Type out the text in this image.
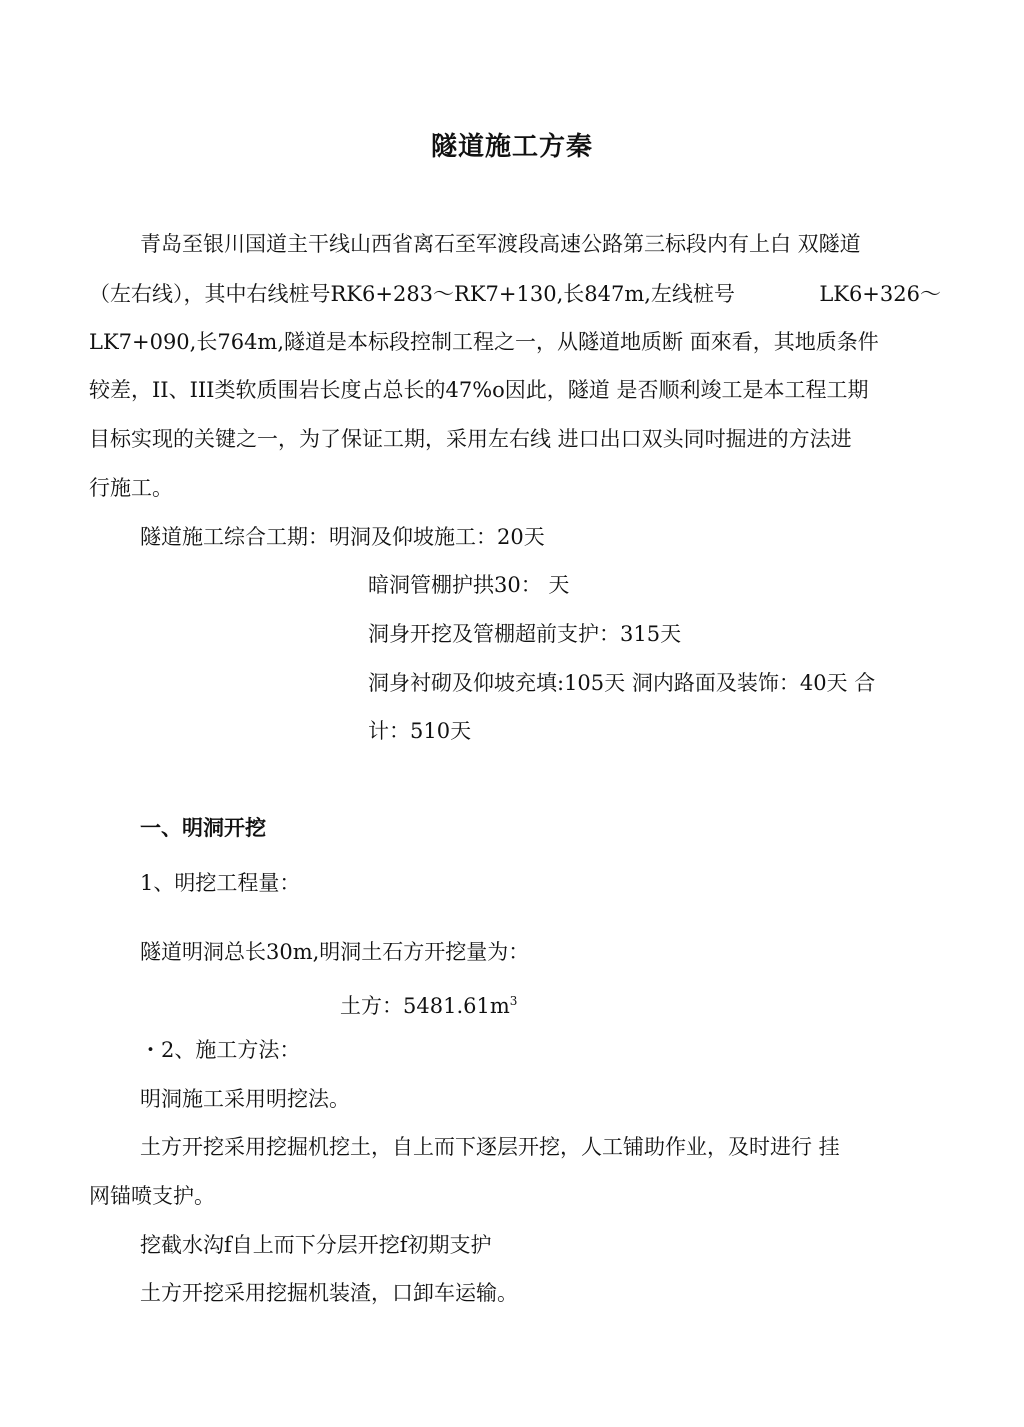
隧道施工方秦
青岛至银川国道主干线山西省离石至军渡段高速公路第三标段内有上白 双隧道
（左右线），其中右线桩号RK6+283～RK7+130,长847m,左线桩号	LK6+326～
LK7+090,长764m,隧道是本标段控制工程之一，从隧道地质断 面來看，其地质条件
较差，II、III类软质围岩长度占总长的47%o因此，隧道 是否顺利竣工是本工程工期
目标实现的关键之一，为了保证工期，采用左右线 进口出口双头同吋掘进的方法进
行施工。
隧道施工综合工期：明洞及仰坡施工：20天
暗洞管棚护拱30： 天
洞身开挖及管棚超前支护：315天
洞身衬砌及仰坡充填:105天 洞内路面及装饰：40天 合
计：510天
一、明洞开挖
1、明挖工程量：
隧道明洞总长30m,明洞土石方开挖量为：
土方：$5481.61m^3$
・2、施工方法：
明洞施工采用明挖法。
土方开挖采用挖掘机挖土，自上而下逐层开挖，人工铺助作业，及时进行 挂
网锚喷支护。
挖截水沟f自上而下分层开挖f初期支护
土方开挖采用挖掘机装渣，口卸车运输。
